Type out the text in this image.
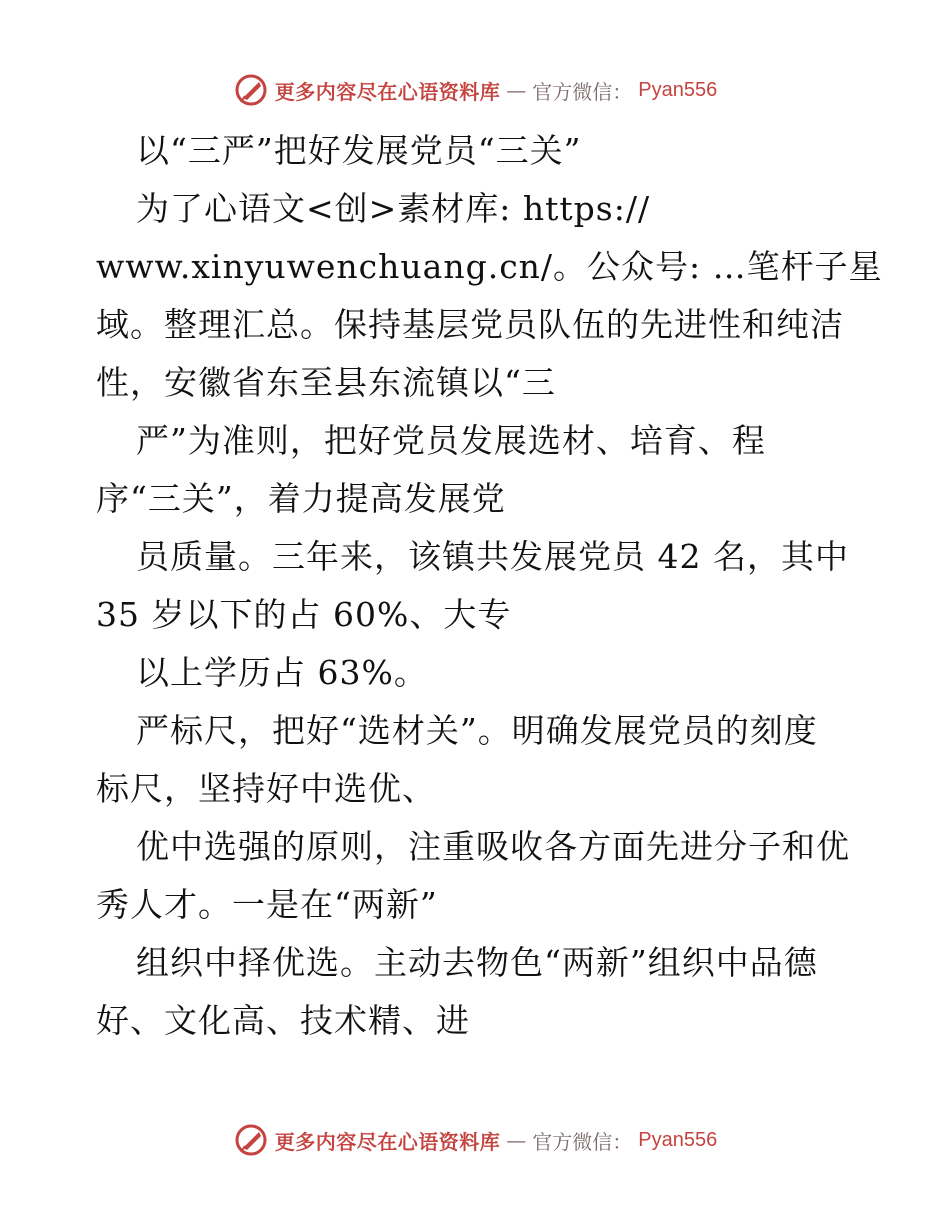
更多内容尽在心语资料库 — 官方微信： Pyan556
以“三严”把好发展党员“三关”
为了心语文<创>素材库: https://
www.xinyuwenchuang.cn/。公众号: …笔杆子星
域。整理汇总。保持基层党员队伍的先进性和纯洁
性，安徽省东至县东流镇以“三
严”为准则，把好党员发展选材、培育、程
序“三关”，着力提高发展党
员质量。三年来，该镇共发展党员 42 名，其中
35 岁以下的占 60%、大专
以上学历占 63%。
严标尺，把好“选材关”。明确发展党员的刻度
标尺，坚持好中选优、
优中选强的原则，注重吸收各方面先进分子和优
秀人才。一是在“两新”
组织中择优选。主动去物色“两新”组织中品德
好、文化高、技术精、进
更多内容尽在心语资料库 — 官方微信： Pyan556
